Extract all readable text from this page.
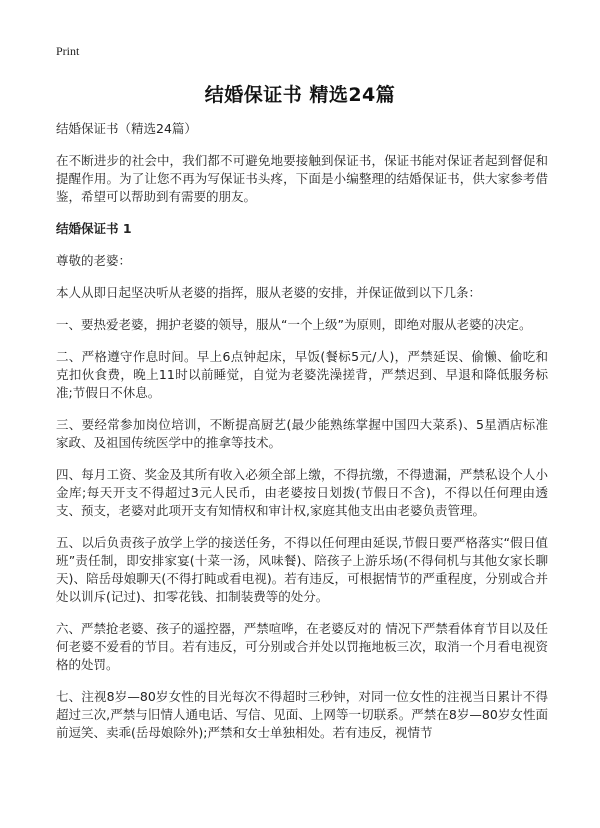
Print
结婚保证书 精选24篇

结婚保证书（精选24篇）

在不断进步的社会中，我们都不可避免地要接触到保证书，保证书能对保证者起到督促和提醒作用。为了让您不再为写保证书头疼，下面是小编整理的结婚保证书，供大家参考借鉴，希望可以帮助到有需要的朋友。

结婚保证书 1

尊敬的老婆：

本人从即日起坚决听从老婆的指挥，服从老婆的安排，并保证做到以下几条：

一、要热爱老婆，拥护老婆的领导，服从“一个上级”为原则，即绝对服从老婆的决定。

二、严格遵守作息时间。早上6点钟起床，早饭(餐标5元/人)，严禁延误、偷懒、偷吃和克扣伙食费，晚上11时以前睡觉，自觉为老婆洗澡搓背，严禁迟到、早退和降低服务标准;节假日不休息。

三、要经常参加岗位培训，不断提高厨艺(最少能熟练掌握中国四大菜系)、5星酒店标准家政、及祖国传统医学中的推拿等技术。

四、每月工资、奖金及其所有收入必须全部上缴，不得抗缴，不得遗漏，严禁私设个人小金库;每天开支不得超过3元人民币，由老婆按日划拨(节假日不含)，不得以任何理由透支、预支，老婆对此项开支有知情权和审计权,家庭其他支出由老婆负责管理。

五、以后负责孩子放学上学的接送任务，不得以任何理由延误,节假日要严格落实“假日值班”责任制，即安排家宴(十菜一汤，风味餐)、陪孩子上游乐场(不得伺机与其他女家长聊天)、陪岳母娘聊天(不得打盹或看电视)。若有违反，可根据情节的严重程度，分别或合并处以训斥(记过)、扣零花钱、扣制装费等的处分。

六、严禁抢老婆、孩子的遥控器，严禁喧哗，在老婆反对的 情况下严禁看体育节目以及任何老婆不爱看的节目。若有违反，可分别或合并处以罚拖地板三次，取消一个月看电视资格的处罚。

七、注视8岁—80岁女性的目光每次不得超时三秒钟，对同一位女性的注视当日累计不得超过三次,严禁与旧情人通电话、写信、见面、上网等一切联系。严禁在8岁—80岁女性面前逗笑、卖乖(岳母娘除外);严禁和女士单独相处。若有违反，视情节
